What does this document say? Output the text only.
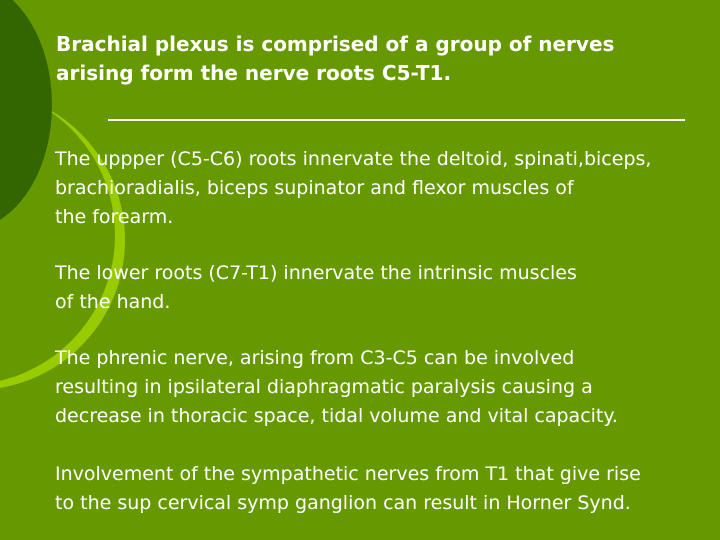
Brachial plexus is comprised of a group of nerves
arising form the nerve roots C5-T1.

The uppper (C5-C6) roots innervate the deltoid, spinati,biceps,
brachioradialis, biceps supinator and flexor muscles of
the forearm.

The lower roots (C7-T1) innervate the intrinsic muscles
of the hand.

The phrenic nerve, arising from C3-C5 can be involved
resulting in ipsilateral diaphragmatic paralysis causing a
decrease in thoracic space, tidal volume and vital capacity.

Involvement of the sympathetic nerves from T1 that give rise
to the sup cervical symp ganglion can result in Horner Synd.
